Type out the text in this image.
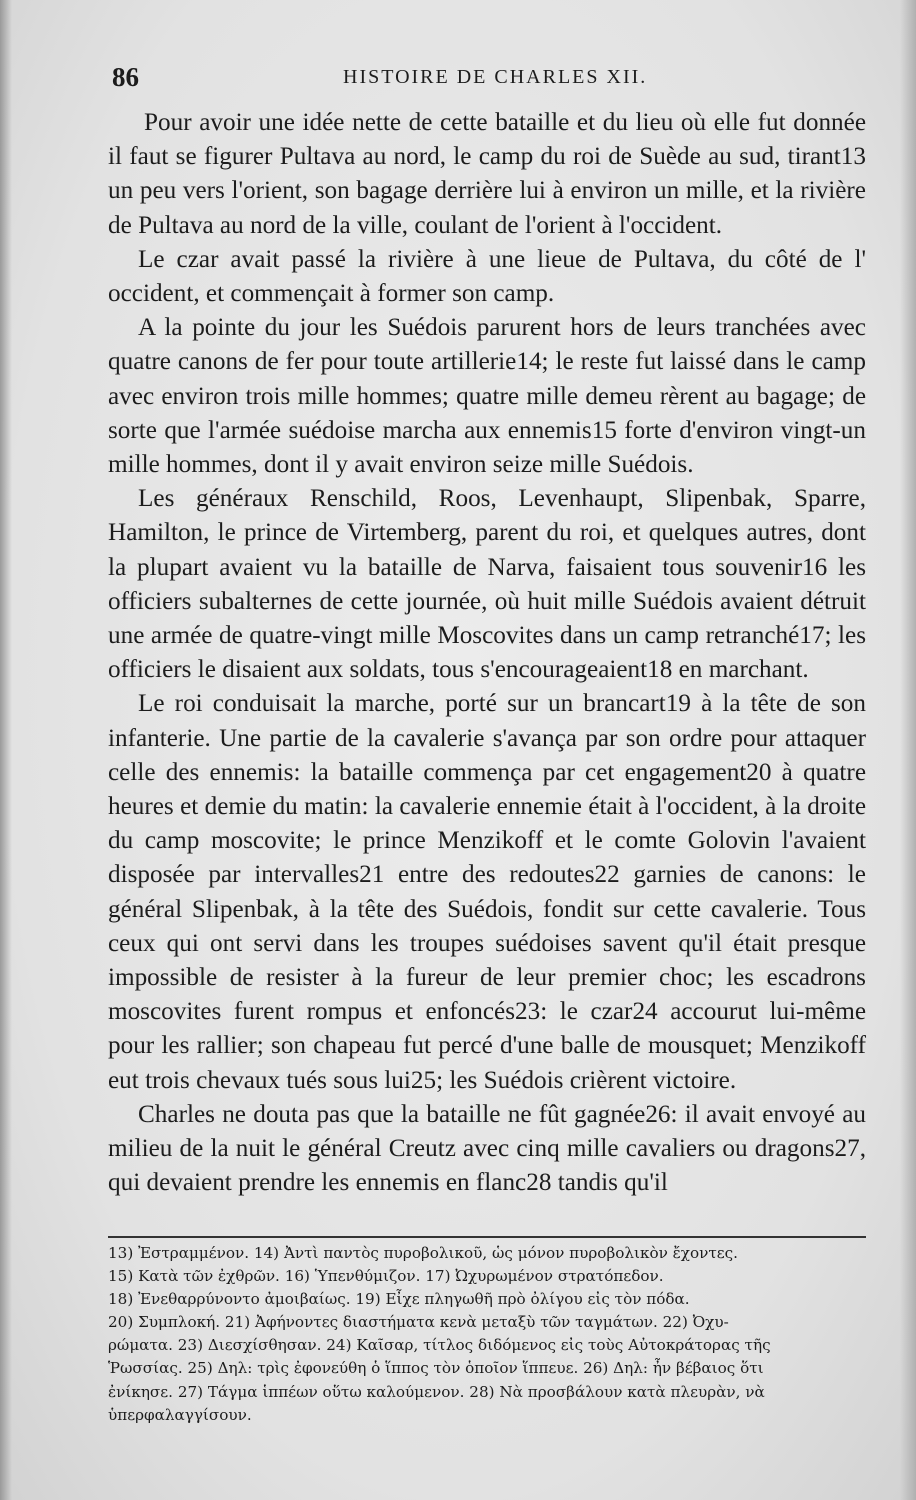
86	HISTOIRE DE CHARLES XII.

Pour avoir une idée nette de cette bataille et du lieu où elle fut donnée il faut se figurer Pultava au nord, le camp du roi de Suède au sud, tirant13 un peu vers l'orient, son bagage derrière lui à environ un mille, et la rivière de Pultava au nord de la ville, coulant de l'orient à l'occident.

Le czar avait passé la rivière à une lieue de Pultava, du côté de l' occident, et commençait à former son camp.

A la pointe du jour les Suédois parurent hors de leurs tranchées avec quatre canons de fer pour toute artillerie14; le reste fut laissé dans le camp avec environ trois mille hommes; quatre mille demeu rèrent au bagage; de sorte que l'armée suédoise marcha aux ennemis15 forte d'environ vingt-un mille hommes, dont il y avait environ seize mille Suédois.

Les généraux Renschild, Roos, Levenhaupt, Slipenbak, Sparre, Hamilton, le prince de Virtemberg, parent du roi, et quelques autres, dont la plupart avaient vu la bataille de Narva, faisaient tous souvenir16 les officiers subalternes de cette journée, où huit mille Suédois avaient détruit une armée de quatre-vingt mille Moscovites dans un camp retranché17; les officiers le disaient aux soldats, tous s'encourageaient18 en marchant.

Le roi conduisait la marche, porté sur un brancart19 à la tête de son infanterie. Une partie de la cavalerie s'avança par son ordre pour attaquer celle des ennemis: la bataille commença par cet engagement20 à quatre heures et demie du matin: la cavalerie ennemie était à l'occident, à la droite du camp moscovite; le prince Menzikoff et le comte Golovin l'avaient disposée par intervalles21 entre des redoutes22 garnies de canons: le général Slipenbak, à la tête des Suédois, fondit sur cette cavalerie. Tous ceux qui ont servi dans les troupes suédoises savent qu'il était presque impossible de resister à la fureur de leur premier choc; les escadrons moscovites furent rompus et enfoncés23: le czar24 accourut lui-même pour les rallier; son chapeau fut percé d'une balle de mousquet; Menzikoff eut trois chevaux tués sous lui25; les Suédois crièrent victoire.

Charles ne douta pas que la bataille ne fût gagnée26: il avait envoyé au milieu de la nuit le général Creutz avec cinq mille cavaliers ou dragons27, qui devaient prendre les ennemis en flanc28 tandis qu'il

13) Ἐστραμμένον. 14) Ἀντὶ παντὸς πυροβολικοῦ, ὡς μόνον πυροβολικὸν ἔχοντες.
15) Κατὰ τῶν ἐχθρῶν. 16) Ὑπενθύμιζον. 17) Ὠχυρωμένον στρατόπεδον.
18) Ἐνεθαρρύνοντο ἀμοιβαίως. 19) Εἶχε πληγωθῆ πρὸ ὀλίγου εἰς τὸν πόδα.
20) Συμπλοκή. 21) Ἀφήνοντες διαστήματα κενὰ μεταξὺ τῶν ταγμάτων. 22) Ὀχυ-
ρώματα. 23) Διεσχίσθησαν. 24) Καῖσαρ, τίτλος διδόμενος εἰς τοὺς Αὐτοκράτορας τῆς
Ῥωσσίας. 25) Δηλ: τρὶς ἐφονεύθη ὁ ἵππος τὸν ὁποῖον ἵππευε. 26) Δηλ: ἦν βέβαιος ὅτι
ἐνίκησε. 27) Τάγμα ἱππέων οὕτω καλούμενον. 28) Νὰ προσβάλουν κατὰ πλευρὰν, νὰ
ὑπερφαλαγγίσουν.
